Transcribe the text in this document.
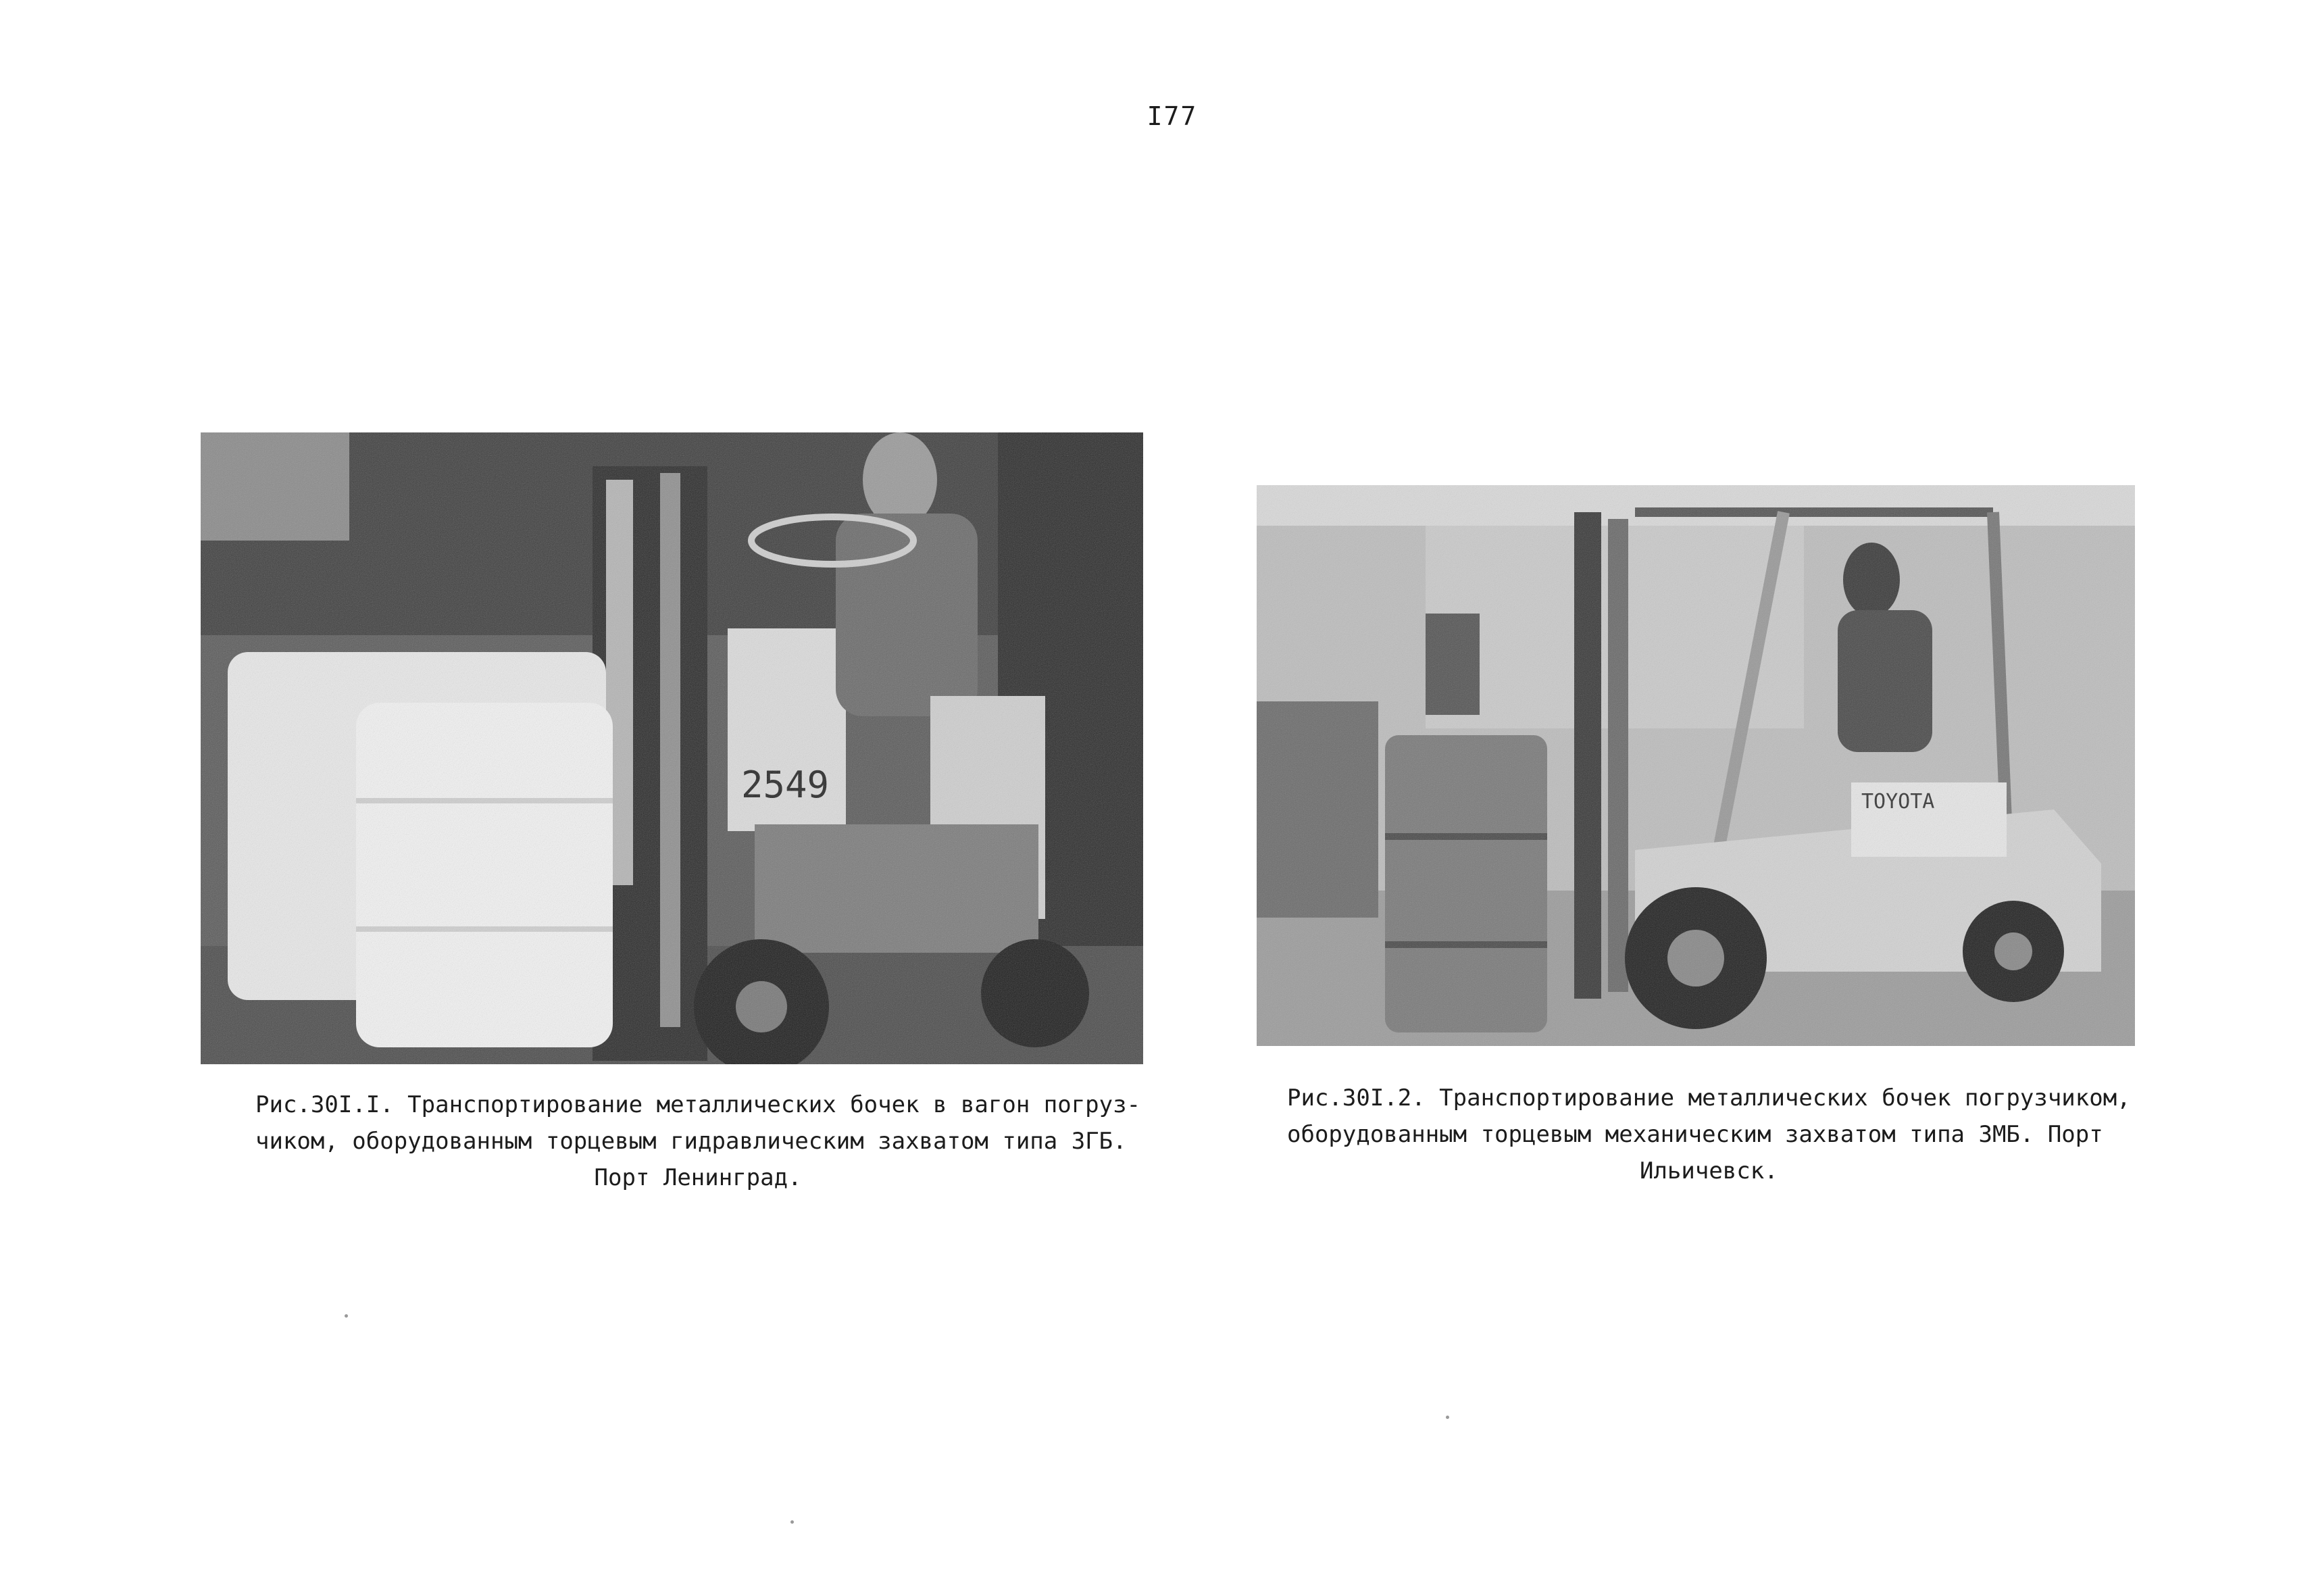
I77
Рис.30I.I. Транспортирование металлических бочек в вагон погруз-
чиком, оборудованным торцевым гидравлическим захватом типа ЗГБ.
Порт Ленинград.
Рис.30I.2. Транспортирование металлических бочек погрузчиком,
оборудованным торцевым механическим захватом типа ЗМБ. Порт
Ильичевск.
